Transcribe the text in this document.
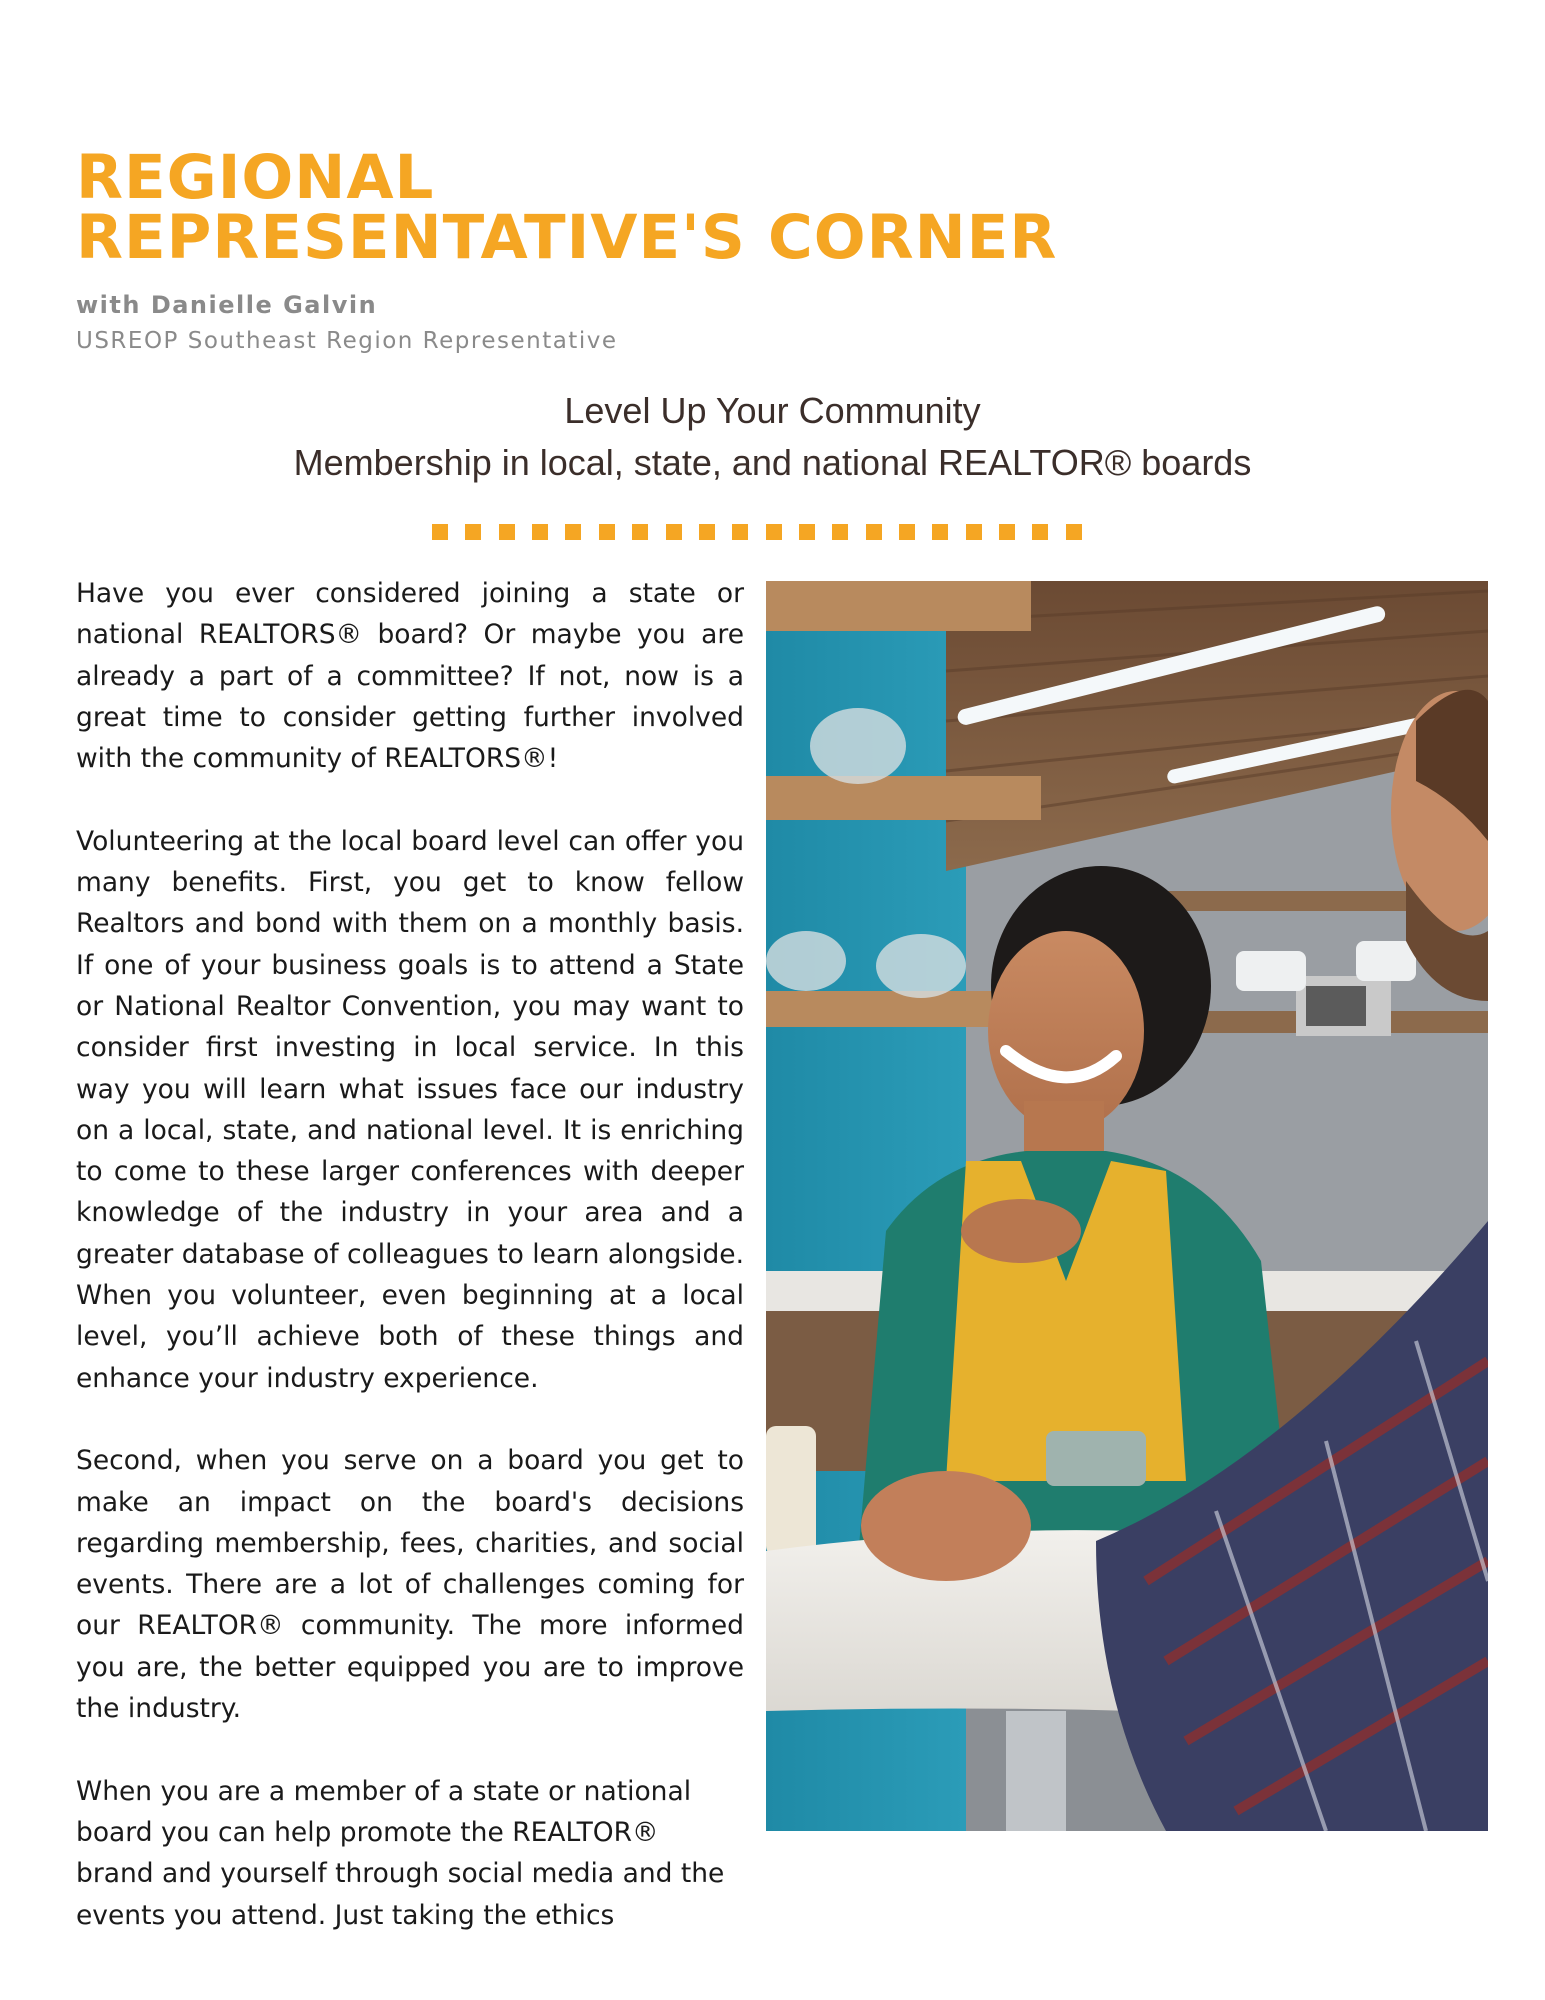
REGIONAL
REPRESENTATIVE'S CORNER
with Danielle Galvin
USREOP Southeast Region Representative
Level Up Your Community
Membership in local, state, and national REALTOR® boards

Have you ever considered joining a state or national REALTORS® board? Or maybe you are already a part of a committee? If not, now is a great time to consider getting further involved with the community of REALTORS®!

Volunteering at the local board level can offer you many benefits. First, you get to know fellow Realtors and bond with them on a monthly basis. If one of your business goals is to attend a State or National Realtor Convention, you may want to consider first investing in local service. In this way you will learn what issues face our industry on a local, state, and national level. It is enriching to come to these larger conferences with deeper knowledge of the industry in your area and a greater database of colleagues to learn alongside. When you volunteer, even beginning at a local level, you’ll achieve both of these things and enhance your industry experience.

Second, when you serve on a board you get to make an impact on the board's decisions regarding membership, fees, charities, and social events. There are a lot of challenges coming for our REALTOR® community. The more informed you are, the better equipped you are to improve the industry.

When you are a member of a state or national board you can help promote the REALTOR® brand and yourself through social media and the events you attend. Just taking the ethics
